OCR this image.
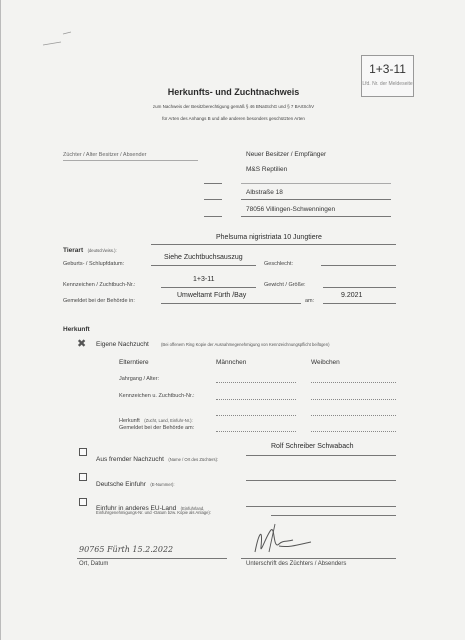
1+3-11
Lfd. Nr. der Meldeseite
Herkunfts- und Zuchtnachweis
zum Nachweis der Besitzberechtigung gemäß § 46 BNatSchG und § 7 BArtSchV
für Arten des Anhangs B und alle anderen besonders geschützten Arten
Züchter / Alter Besitzer / Absender	Neuer Besitzer / Empfänger
M&S Reptilien
Albstraße 18
78056 Villingen-Schwenningen
Tierart (deutsch/wiss.):
Phelsuma nigristriata 10 Jungtiere
Geburts- / Schlupfdatum:
Siehe Zuchtbuchsauszug
Geschlecht:
Kennzeichen / Zuchtbuch-Nr.:
1+3-11
Gewicht / Größe:
Gemeldet bei der Behörde in:
Umweltamt Fürth /Bay
am:
9.2021
Herkunft
✖ Eigene Nachzucht	(Bei offenem Ring Kopie der Ausnahmegenehmigung von Kennzeichnungspflicht beifügen)
Elterntiere	Männchen	Weibchen
Jahrgang / Alter:
Kennzeichen u. Zuchtbuch-Nr.:
Herkunft (Zucht, Land, Einfuhr-Nr.):
Gemeldet bei der Behörde am:
Aus fremder Nachzucht (Name / Ort des Züchters):
Rolf Schreiber Schwabach
Deutsche Einfuhr (E-Nummer):
Einfuhr in anderes EU-Land (Einfuhrland,
Einfuhrgenehmigungs-Nr. und -Datum bzw. Kopie als Anlage):
90765 Fürth 15.2.2022
Ort, Datum	Unterschrift des Züchters / Absenders
